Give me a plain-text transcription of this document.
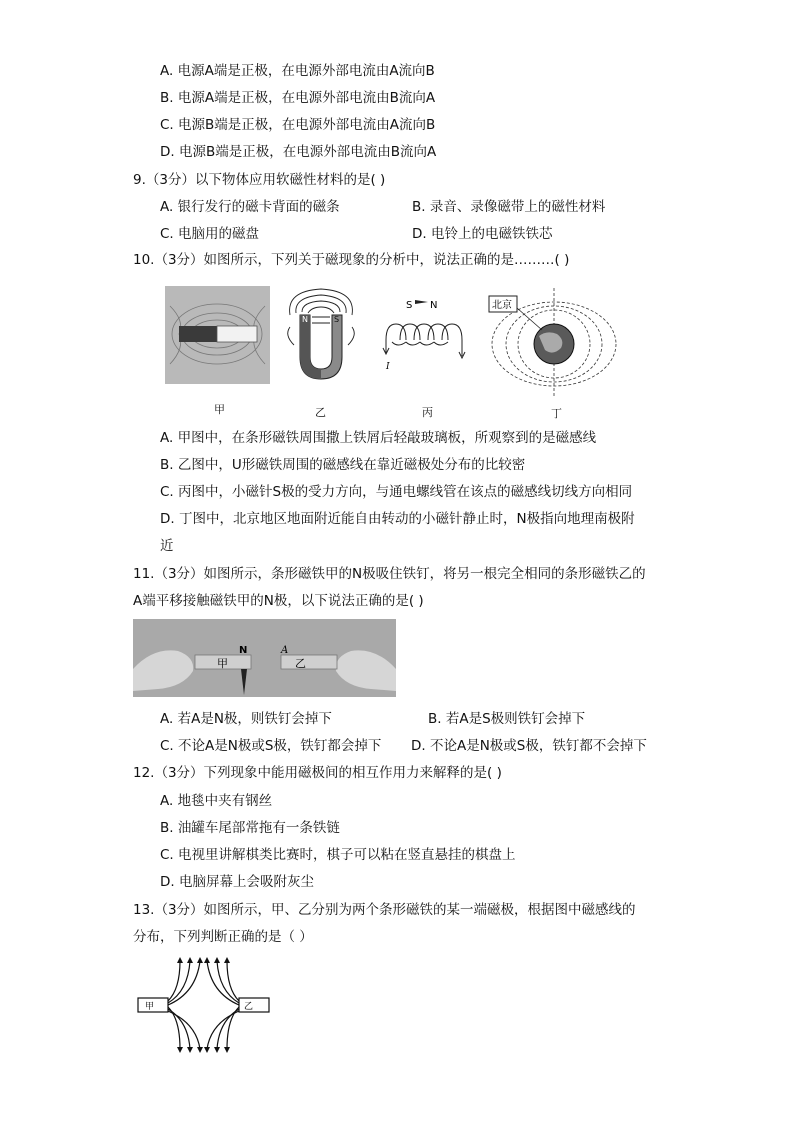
A. 电源A端是正极，在电源外部电流由A流向B
B. 电源A端是正极，在电源外部电流由B流向A
C. 电源B端是正极，在电源外部电流由A流向B
D. 电源B端是正极，在电源外部电流由B流向A
9.（3分）以下物体应用软磁性材料的是( )
A. 银行发行的磁卡背面的磁条	B. 录音、录像磁带上的磁性材料
C. 电脑用的磁盘	D. 电铃上的电磁铁铁芯
10.（3分）如图所示，下列关于磁现象的分析中，说法正确的是………( )
甲
N	S
乙
S N
I
丙
北京
丁
A. 甲图中，在条形磁铁周围撒上铁屑后轻敲玻璃板，所观察到的是磁感线
B. 乙图中，U形磁铁周围的磁感线在靠近磁极处分布的比较密
C. 丙图中，小磁针S极的受力方向，与通电螺线管在该点的磁感线切线方向相同
D. 丁图中，北京地区地面附近能自由转动的小磁针静止时，N极指向地理南极附
近
11.（3分）如图所示，条形磁铁甲的N极吸住铁钉，将另一根完全相同的条形磁铁乙的
A端平移接触磁铁甲的N极，以下说法正确的是( )
N	A
甲	乙
A. 若A是N极，则铁钉会掉下	B. 若A是S极则铁钉会掉下
C. 不论A是N极或S极，铁钉都会掉下 D. 不论A是N极或S极，铁钉都不会掉下
12.（3分）下列现象中能用磁极间的相互作用力来解释的是( )
A. 地毯中夹有钢丝
B. 油罐车尾部常拖有一条铁链
C. 电视里讲解棋类比赛时，棋子可以粘在竖直悬挂的棋盘上
D. 电脑屏幕上会吸附灰尘
13.（3分）如图所示，甲、乙分别为两个条形磁铁的某一端磁极，根据图中磁感线的
分布，下列判断正确的是（ ）
甲	乙
